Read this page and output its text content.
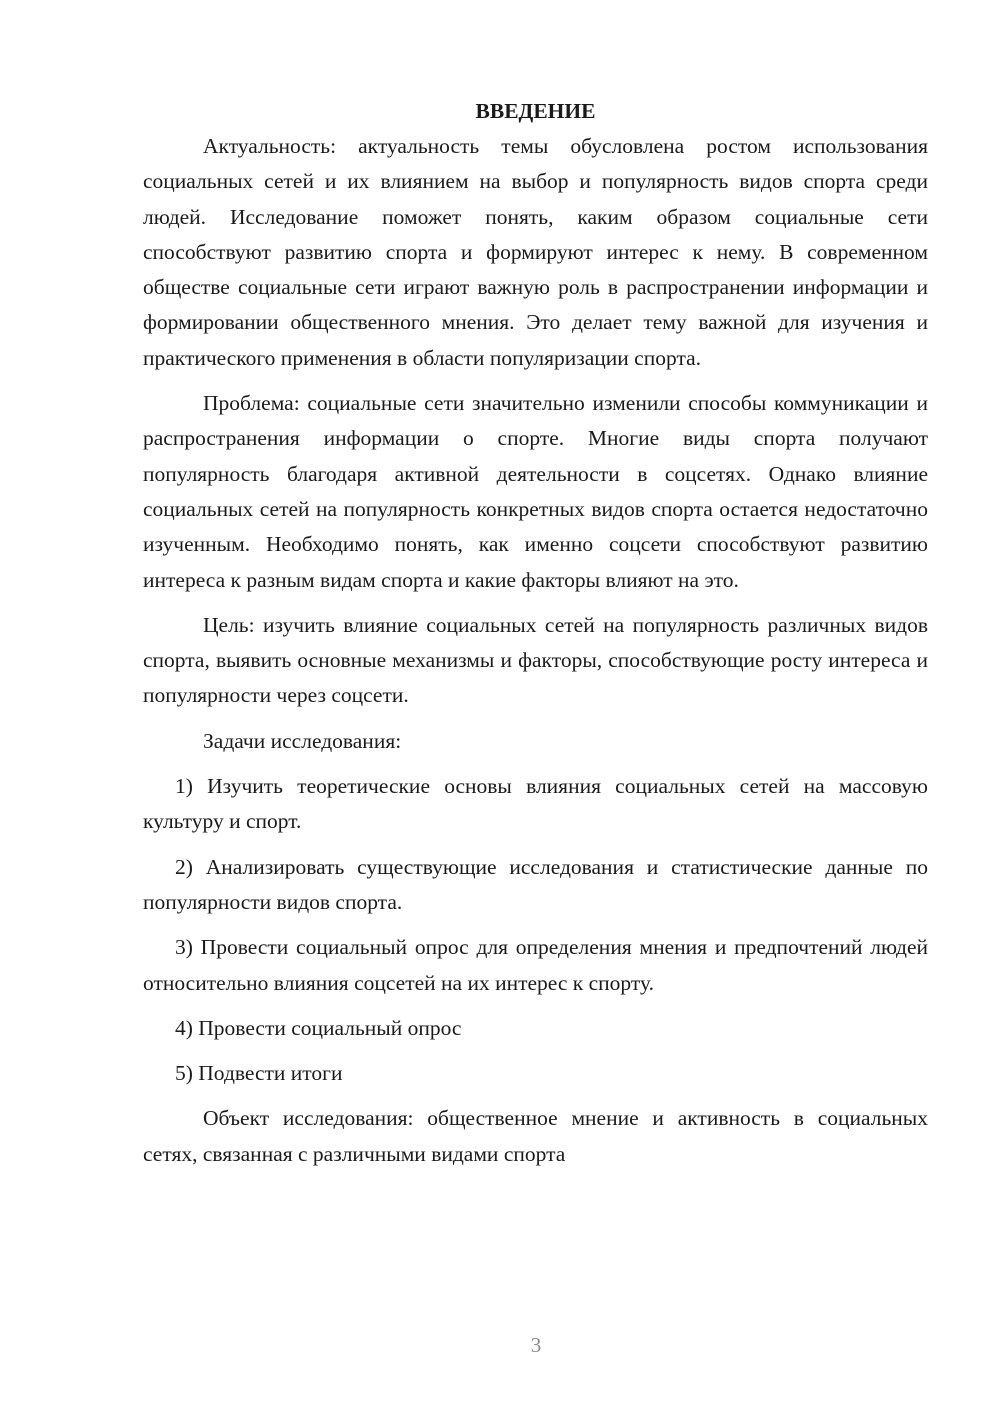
ВВЕДЕНИЕ

Актуальность: актуальность темы обусловлена ростом использования социальных сетей и их влиянием на выбор и популярность видов спорта среди людей. Исследование поможет понять, каким образом социальные сети способствуют развитию спорта и формируют интерес к нему. В современном обществе социальные сети играют важную роль в распространении информации и формировании общественного мнения. Это делает тему важной для изучения и практического применения в области популяризации спорта.

Проблема: социальные сети значительно изменили способы коммуникации и распространения информации о спорте. Многие виды спорта получают популярность благодаря активной деятельности в соцсетях. Однако влияние социальных сетей на популярность конкретных видов спорта остается недостаточно изученным. Необходимо понять, как именно соцсети способствуют развитию интереса к разным видам спорта и какие факторы влияют на это.

Цель: изучить влияние социальных сетей на популярность различных видов спорта, выявить основные механизмы и факторы, способствующие росту интереса и популярности через соцсети.

Задачи исследования:

1) Изучить теоретические основы влияния социальных сетей на массовую культуру и спорт.

2) Анализировать существующие исследования и статистические данные по популярности видов спорта.

3) Провести социальный опрос для определения мнения и предпочтений людей относительно влияния соцсетей на их интерес к спорту.

4) Провести социальный опрос

5) Подвести итоги

Объект исследования: общественное мнение и активность в социальных сетях, связанная с различными видами спорта

3
